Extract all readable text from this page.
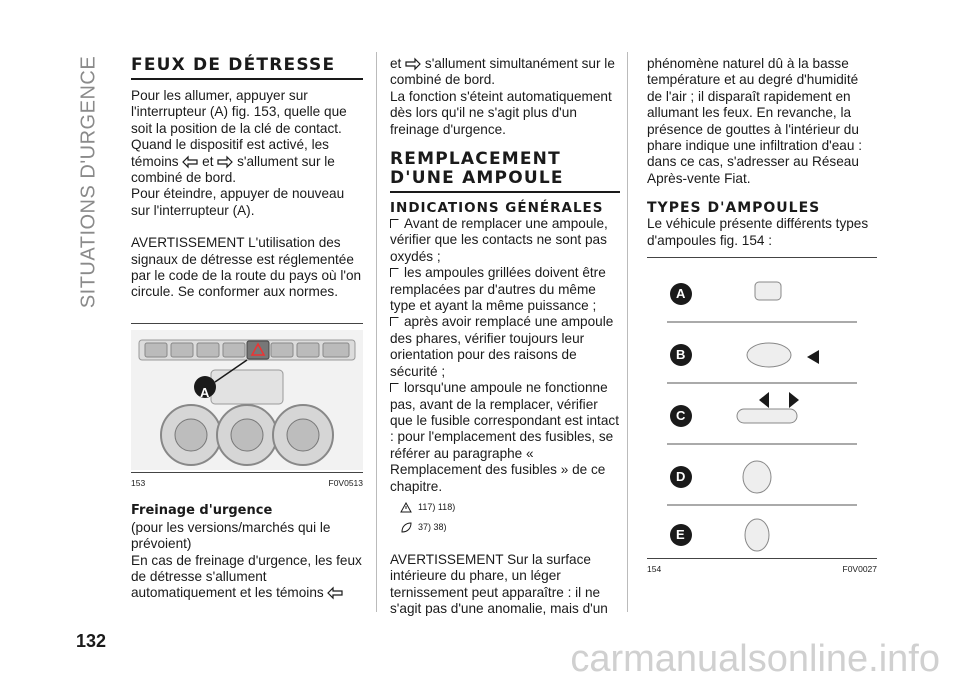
SITUATIONS D'URGENCE
132
FEUX DE DÉTRESSE

Pour les allumer, appuyer sur l'interrupteur (A) fig. 153, quelle que soit la position de la clé de contact. Quand le dispositif est activé, les

témoins et s'allument sur le combiné de bord.

Pour éteindre, appuyer de nouveau sur l'interrupteur (A).

AVERTISSEMENT L'utilisation des signaux de détresse est réglementée par le code de la route du pays où l'on circule. Se conformer aux normes.

A
153	F0V0513
Freinage d'urgence

(pour les versions/marchés qui le prévoient)

En cas de freinage d'urgence, les feux de détresse s'allument automatiquement et les témoins

et s'allument simultanément sur le combiné de bord.

La fonction s'éteint automatiquement dès lors qu'il ne s'agit plus d'un freinage d'urgence.

REMPLACEMENT D'UNE AMPOULE
INDICATIONS GÉNÉRALES

Avant de remplacer une ampoule, vérifier que les contacts ne sont pas oxydés ;

les ampoules grillées doivent être remplacées par d'autres du même type et ayant la même puissance ;

après avoir remplacé une ampoule des phares, vérifier toujours leur orientation pour des raisons de sécurité ;

lorsqu'une ampoule ne fonctionne pas, avant de la remplacer, vérifier que le fusible correspondant est intact : pour l'emplacement des fusibles, se référer au paragraphe « Remplacement des fusibles » de ce chapitre.

117) 118)
37) 38)

AVERTISSEMENT Sur la surface intérieure du phare, un léger ternissement peut apparaître : il ne s'agit pas d'une anomalie, mais d'un

phénomène naturel dû à la basse température et au degré d'humidité de l'air ; il disparaît rapidement en allumant les feux. En revanche, la présence de gouttes à l'intérieur du phare indique une infiltration d'eau : dans ce cas, s'adresser au Réseau Après-vente Fiat.

TYPES D'AMPOULES

Le véhicule présente différents types d'ampoules fig. 154 :

A
B
C
D
E
154	F0V0027
carmanualsonline.info
